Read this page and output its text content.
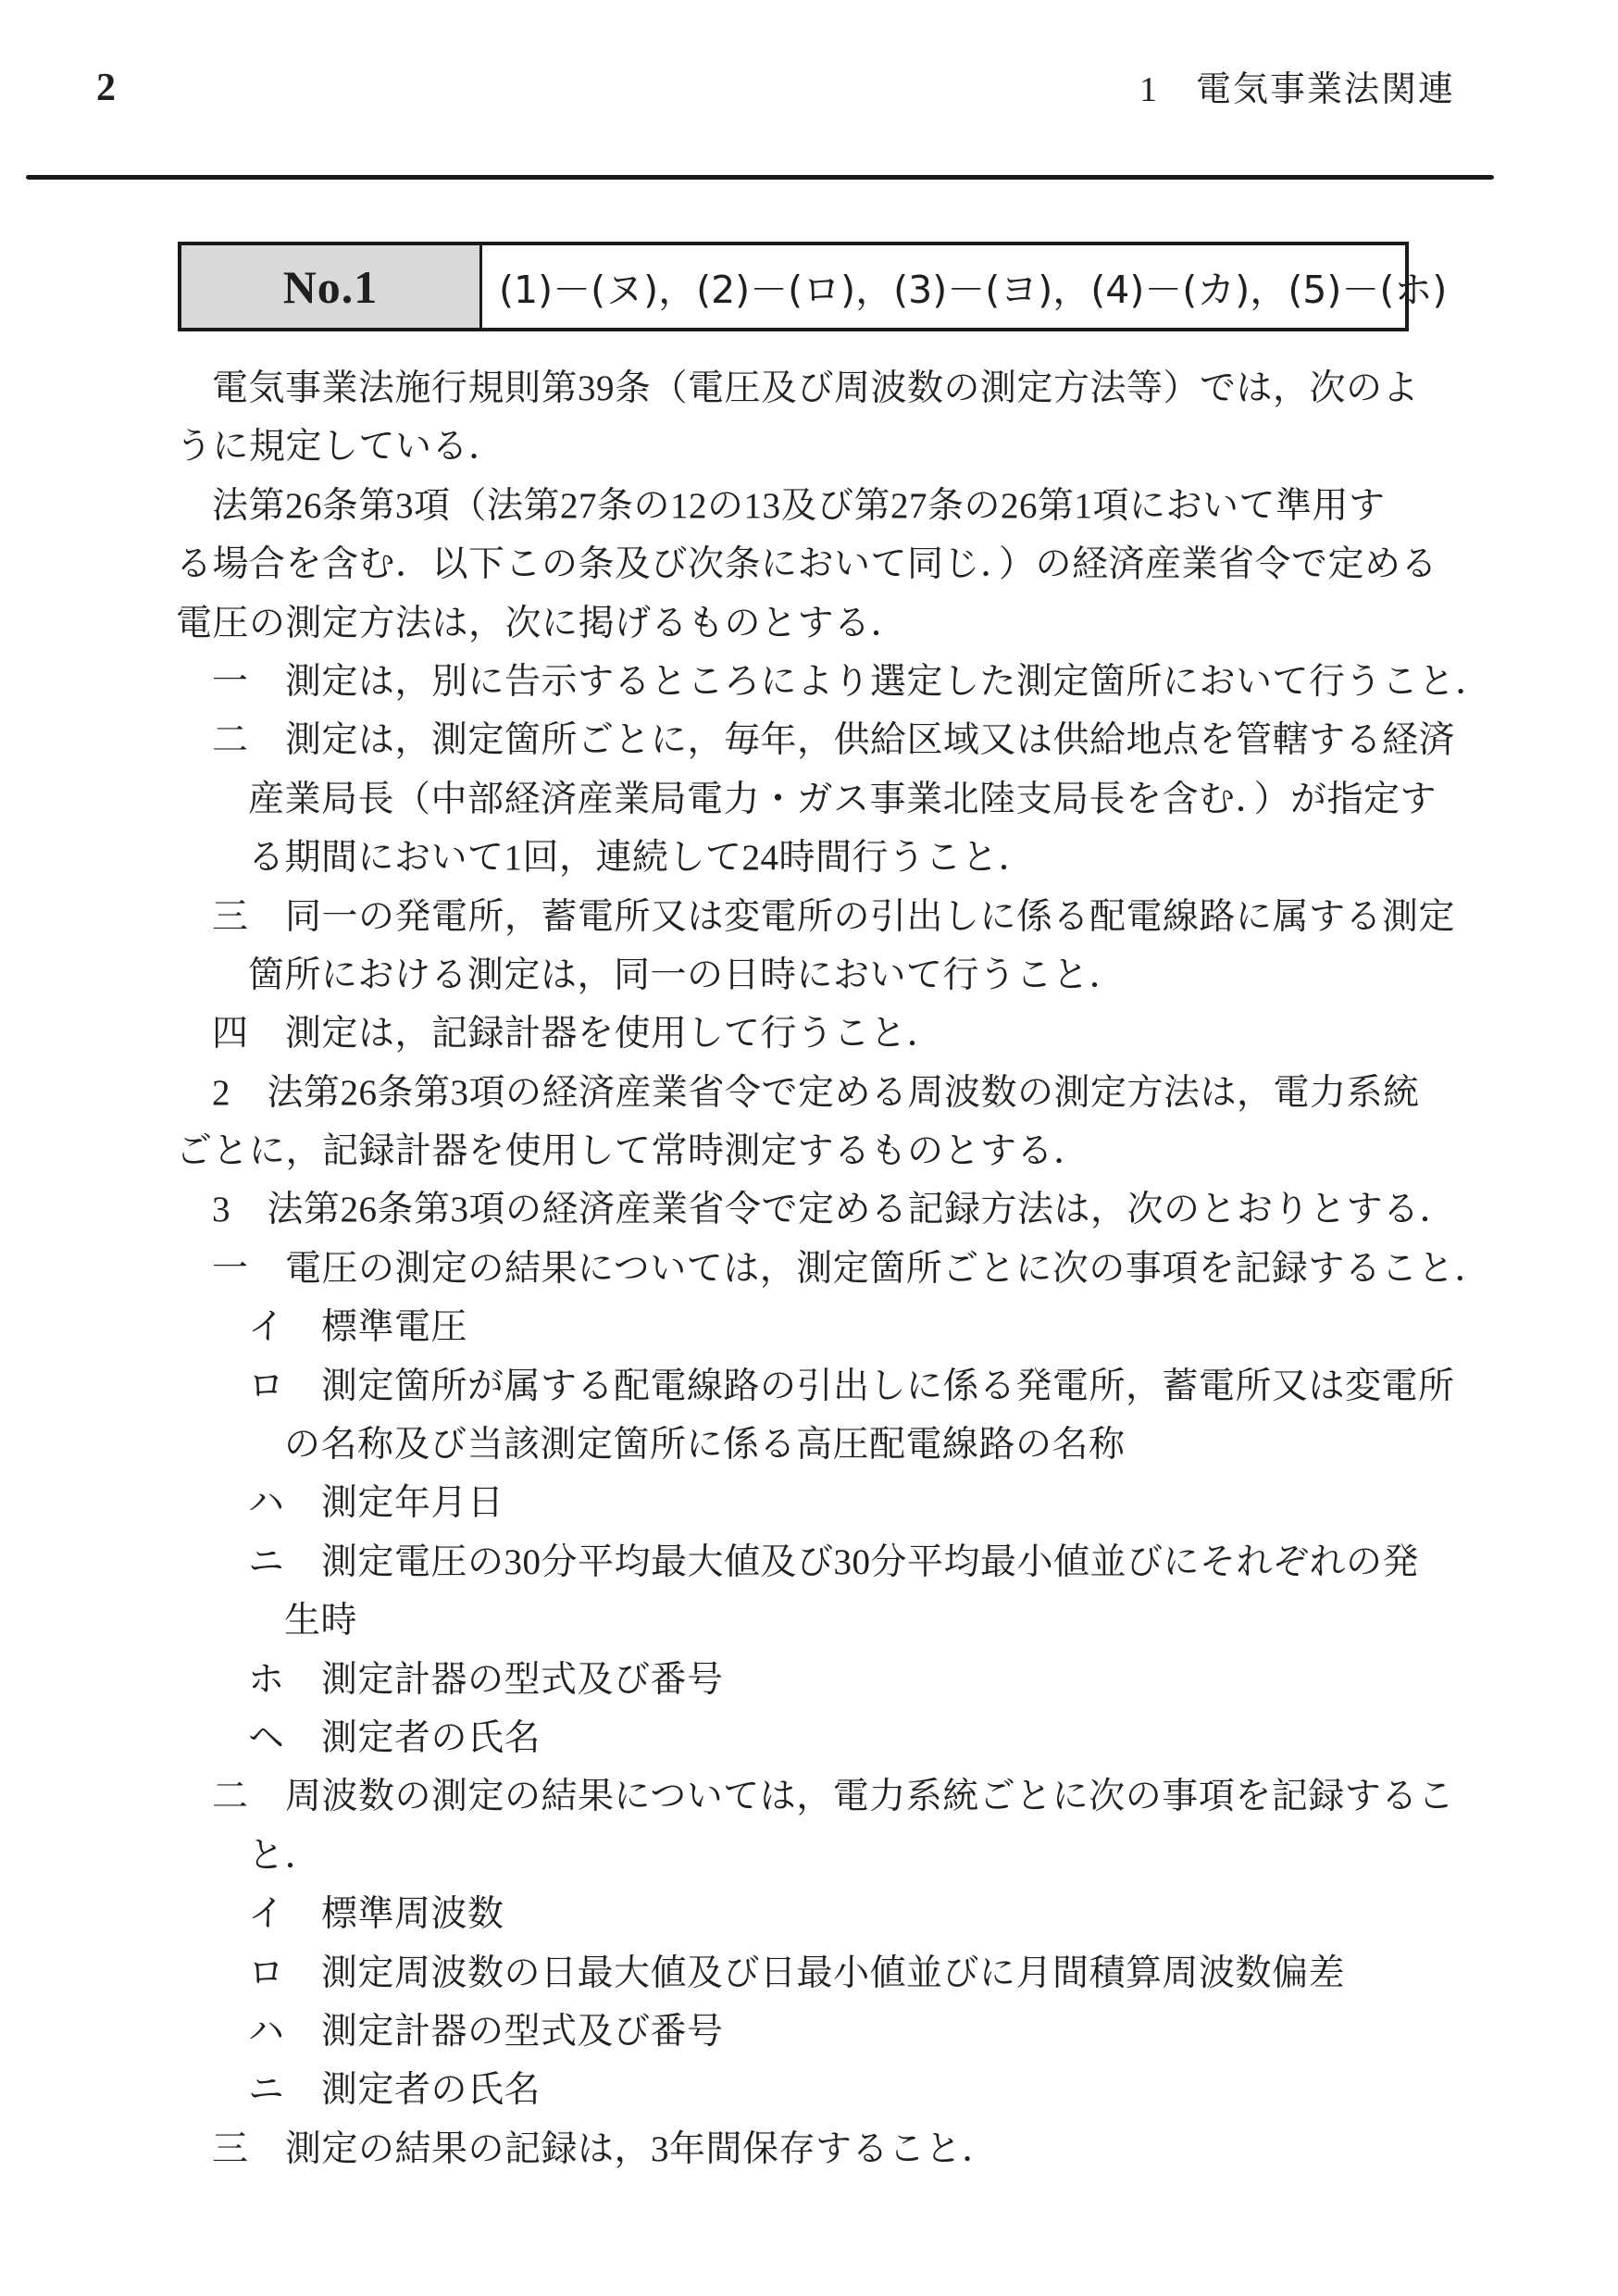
2	1　電気事業法関連
No.1	(1)－(ヌ)， (2)－(ロ)， (3)－(ヨ)， (4)－(カ)， (5)－(ホ)
電気事業法施行規則第39条（電圧及び周波数の測定方法等）では，次のよ
うに規定している．
法第26条第3項（法第27条の12の13及び第27条の26第1項において準用す
る場合を含む．以下この条及び次条において同じ．）の経済産業省令で定める
電圧の測定方法は，次に掲げるものとする．
一　測定は，別に告示するところにより選定した測定箇所において行うこと．
二　測定は，測定箇所ごとに，毎年，供給区域又は供給地点を管轄する経済
産業局長（中部経済産業局電力・ガス事業北陸支局長を含む．）が指定す
る期間において1回，連続して24時間行うこと．
三　同一の発電所，蓄電所又は変電所の引出しに係る配電線路に属する測定
箇所における測定は，同一の日時において行うこと．
四　測定は，記録計器を使用して行うこと．
2　法第26条第3項の経済産業省令で定める周波数の測定方法は，電力系統
ごとに，記録計器を使用して常時測定するものとする．
3　法第26条第3項の経済産業省令で定める記録方法は，次のとおりとする．
一　電圧の測定の結果については，測定箇所ごとに次の事項を記録すること．
イ　標準電圧
ロ　測定箇所が属する配電線路の引出しに係る発電所，蓄電所又は変電所
の名称及び当該測定箇所に係る高圧配電線路の名称
ハ　測定年月日
ニ　測定電圧の30分平均最大値及び30分平均最小値並びにそれぞれの発
生時
ホ　測定計器の型式及び番号
ヘ　測定者の氏名
二　周波数の測定の結果については，電力系統ごとに次の事項を記録するこ
と．
イ　標準周波数
ロ　測定周波数の日最大値及び日最小値並びに月間積算周波数偏差
ハ　測定計器の型式及び番号
ニ　測定者の氏名
三　測定の結果の記録は，3年間保存すること．
